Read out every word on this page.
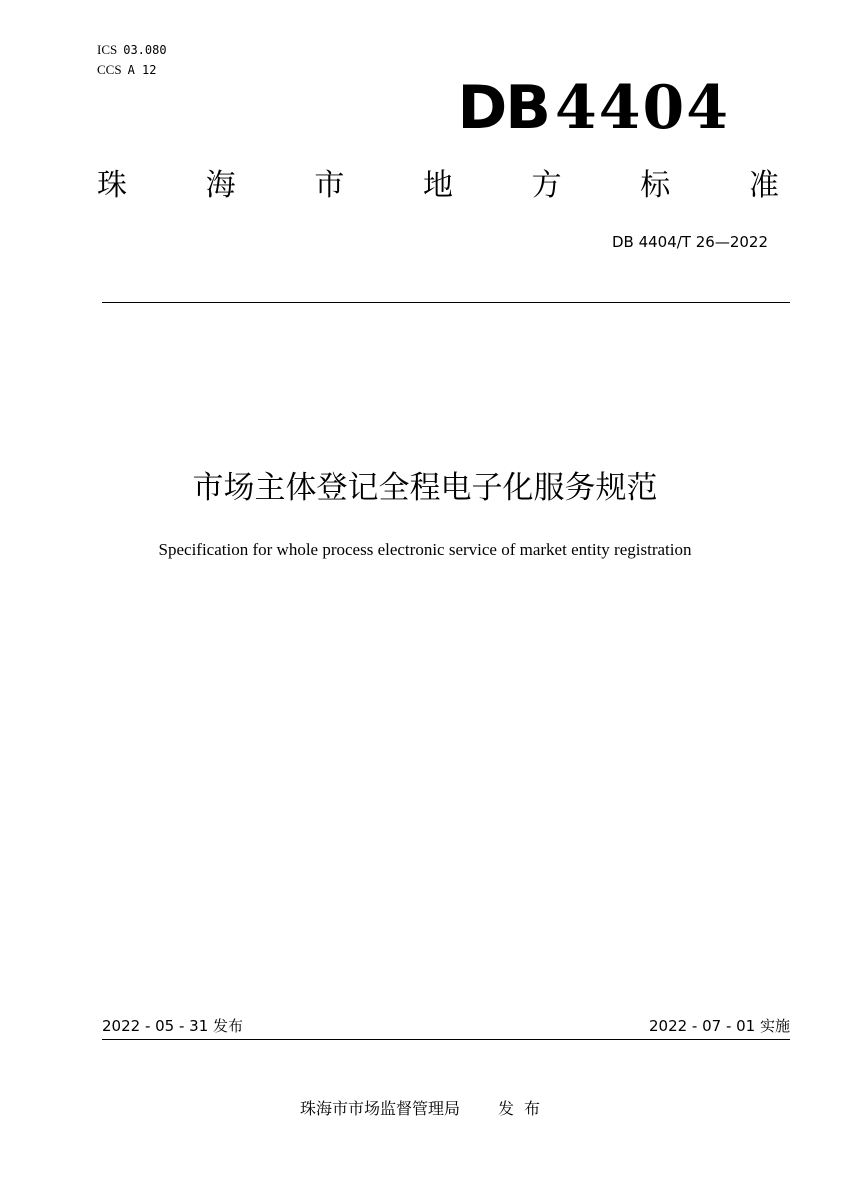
ICS 03.080
CCS A 12
DB 4404
珠	海	市	地	方	标	准
DB 4404/T 26—2022
市场主体登记全程电子化服务规范
Specification for whole process electronic service of market entity registration
2022 - 05 - 31 发布	2022 - 07 - 01 实施
珠海市市场监督管理局 发布
